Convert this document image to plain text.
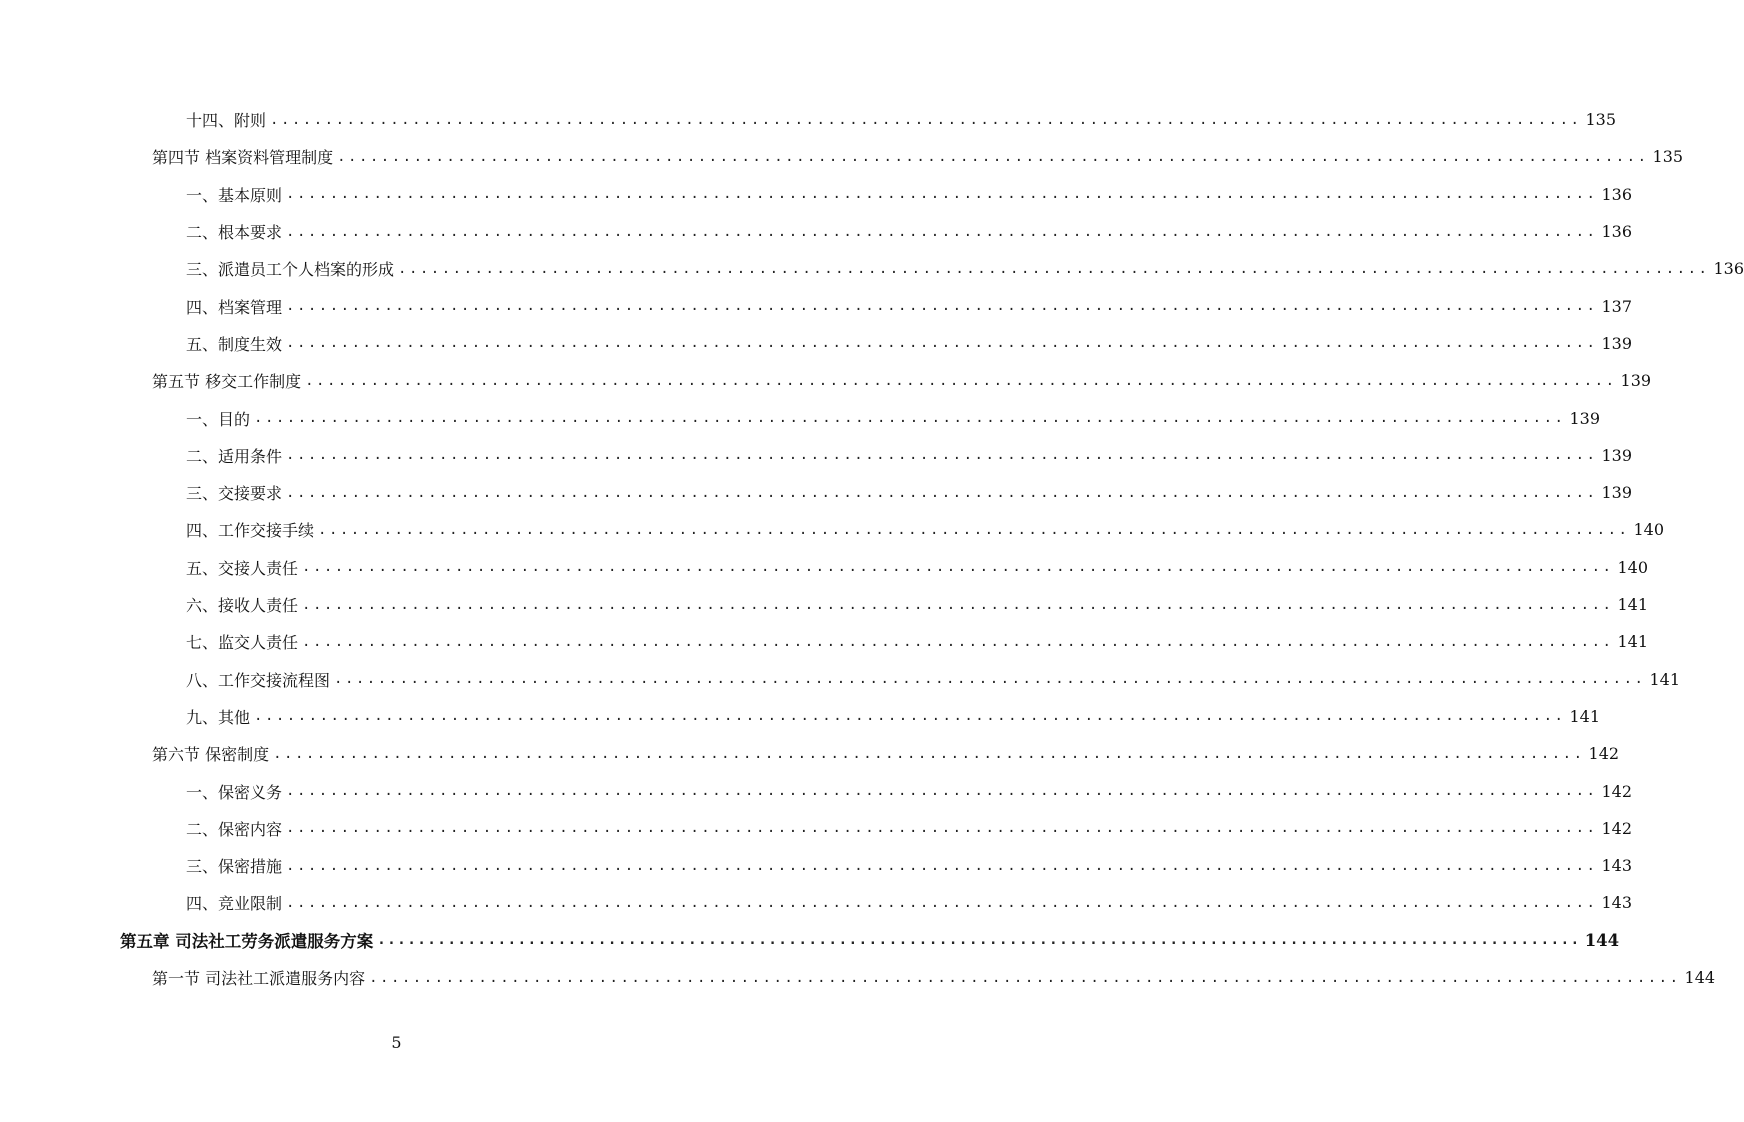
十四、附则 ........................................................................................................................ 135
第四节 档案资料管理制度 ........................................................................................................................ 135
一、基本原则 ........................................................................................................................ 136
二、根本要求 ........................................................................................................................ 136
三、派遣员工个人档案的形成 ........................................................................................................................ 136
四、档案管理 ........................................................................................................................ 137
五、制度生效 ........................................................................................................................ 139
第五节 移交工作制度 ........................................................................................................................ 139
一、目的 ........................................................................................................................ 139
二、适用条件 ........................................................................................................................ 139
三、交接要求 ........................................................................................................................ 139
四、工作交接手续 ........................................................................................................................ 140
五、交接人责任 ........................................................................................................................ 140
六、接收人责任 ........................................................................................................................ 141
七、监交人责任 ........................................................................................................................ 141
八、工作交接流程图 ........................................................................................................................ 141
九、其他 ........................................................................................................................ 141
第六节 保密制度 ........................................................................................................................ 142
一、保密义务 ........................................................................................................................ 142
二、保密内容 ........................................................................................................................ 142
三、保密措施 ........................................................................................................................ 143
四、竞业限制 ........................................................................................................................ 143
第五章 司法社工劳务派遣服务方案 ........................................................................................................................ 144
第一节 司法社工派遣服务内容 ........................................................................................................................ 144
5
